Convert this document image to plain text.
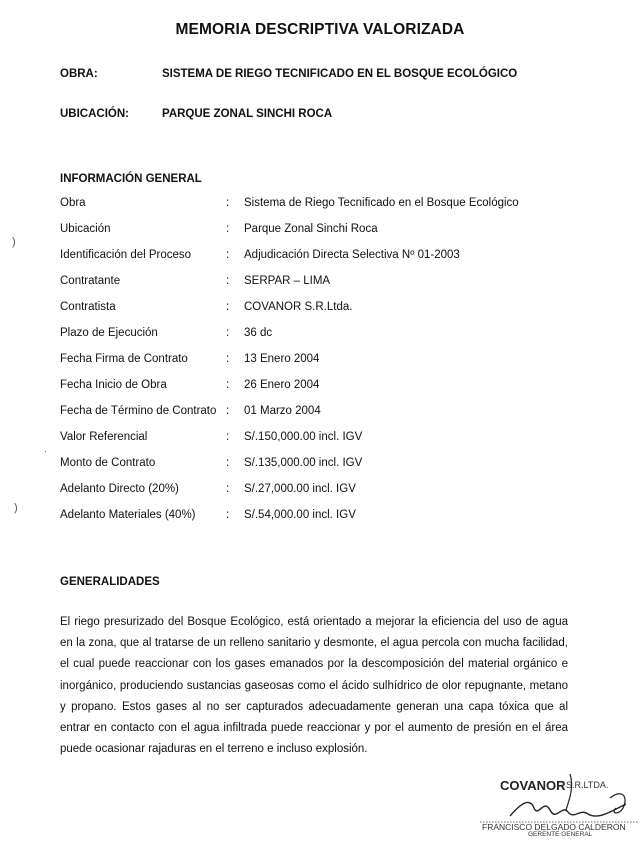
MEMORIA DESCRIPTIVA VALORIZADA
OBRA:	SISTEMA DE RIEGO TECNIFICADO EN EL BOSQUE ECOLÓGICO
UBICACIÓN:	PARQUE ZONAL SINCHI ROCA
INFORMACIÓN GENERAL
Obra	: Sistema de Riego Tecnificado en el Bosque Ecológico
Ubicación	: Parque Zonal Sinchi Roca
Identificación del Proceso	: Adjudicación Directa Selectiva Nº 01-2003
Contratante	: SERPAR – LIMA
Contratista	: COVANOR S.R.Ltda.
Plazo de Ejecución	: 36 dc
Fecha Firma de Contrato	: 13 Enero 2004
Fecha Inicio de Obra	: 26 Enero 2004
Fecha de Término de Contrato : 01 Marzo 2004
Valor Referencial	: S/.150,000.00 incl. IGV
Monto de Contrato	: S/.135,000.00 incl. IGV
Adelanto Directo (20%)	: S/.27,000.00 incl. IGV
Adelanto Materiales (40%)	: S/.54,000.00 incl. IGV
GENERALIDADES
El riego presurizado del Bosque Ecológico, está orientado a mejorar la eficiencia del uso de agua en la zona, que al tratarse de un relleno sanitario y desmonte, el agua percola con mucha facilidad, el cual puede reaccionar con los gases emanados por la descomposición del material orgánico e inorgánico, produciendo sustancias gaseosas como el ácido sulhídrico de olor repugnante, metano y propano. Estos gases al no ser capturados adecuadamente generan una capa tóxica que al entrar en contacto con el agua infiltrada puede reaccionar y por el aumento de presión en el área puede ocasionar rajaduras en el terreno e incluso explosión.
)
)
·
COVANOR S.R.LTDA.
FRANCISCO DELGADO CALDERON
GERENTE GENERAL
